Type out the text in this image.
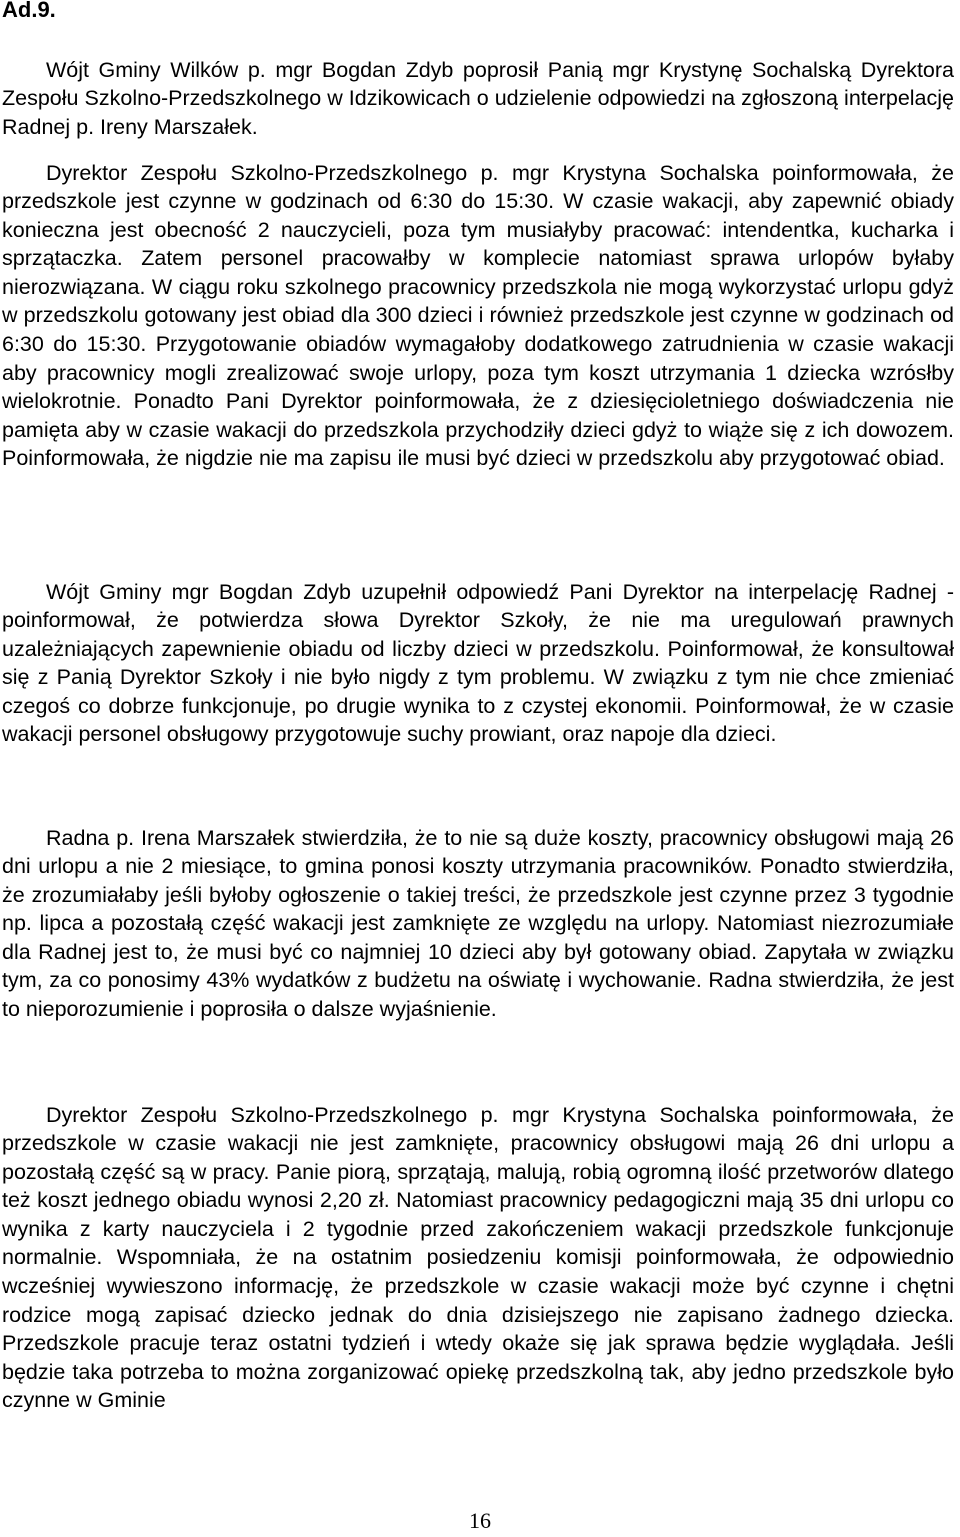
Ad.9.

Wójt Gminy Wilków p. mgr Bogdan Zdyb poprosił Panią mgr Krystynę Sochalską Dyrektora Zespołu Szkolno-Przedszkolnego w Idzikowicach o udzielenie odpowiedzi na zgłoszoną interpelację Radnej p. Ireny Marszałek.

Dyrektor Zespołu Szkolno-Przedszkolnego p. mgr Krystyna Sochalska poinformowała, że przedszkole jest czynne w godzinach od 6:30 do 15:30. W czasie wakacji, aby zapewnić obiady konieczna jest obecność 2 nauczycieli, poza tym musiałyby pracować: intendentka, kucharka i sprzątaczka. Zatem personel pracowałby w komplecie natomiast sprawa urlopów byłaby nierozwiązana. W ciągu roku szkolnego pracownicy przedszkola nie mogą wykorzystać urlopu gdyż w przedszkolu gotowany jest obiad dla 300 dzieci i również przedszkole jest czynne w godzinach od 6:30 do 15:30. Przygotowanie obiadów wymagałoby dodatkowego zatrudnienia w czasie wakacji aby pracownicy mogli zrealizować swoje urlopy, poza tym koszt utrzymania 1 dziecka wzrósłby wielokrotnie. Ponadto Pani Dyrektor poinformowała, że z dziesięcioletniego doświadczenia nie pamięta aby w czasie wakacji do przedszkola przychodziły dzieci gdyż to wiąże się z ich dowozem. Poinformowała, że nigdzie nie ma zapisu ile musi być dzieci w przedszkolu aby przygotować obiad.

Wójt Gminy mgr Bogdan Zdyb uzupełnił odpowiedź Pani Dyrektor na interpelację Radnej - poinformował, że potwierdza słowa Dyrektor Szkoły, że nie ma uregulowań prawnych uzależniających zapewnienie obiadu od liczby dzieci w przedszkolu. Poinformował, że konsultował się z Panią Dyrektor Szkoły i nie było nigdy z tym problemu. W związku z tym nie chce zmieniać czegoś co dobrze funkcjonuje, po drugie wynika to z czystej ekonomii. Poinformował, że w czasie wakacji personel obsługowy przygotowuje suchy prowiant, oraz napoje dla dzieci.

Radna p. Irena Marszałek stwierdziła, że to nie są duże koszty, pracownicy obsługowi mają 26 dni urlopu a nie 2 miesiące, to gmina ponosi koszty utrzymania pracowników. Ponadto stwierdziła, że zrozumiałaby jeśli byłoby ogłoszenie o takiej treści, że przedszkole jest czynne przez 3 tygodnie np. lipca a pozostałą część wakacji jest zamknięte ze względu na urlopy. Natomiast niezrozumiałe dla Radnej jest to, że musi być co najmniej 10 dzieci aby był gotowany obiad. Zapytała w związku tym, za co ponosimy 43% wydatków z budżetu na oświatę i wychowanie. Radna stwierdziła, że jest to nieporozumienie i poprosiła o dalsze wyjaśnienie.

Dyrektor Zespołu Szkolno-Przedszkolnego p. mgr Krystyna Sochalska poinformowała, że przedszkole w czasie wakacji nie jest zamknięte, pracownicy obsługowi mają 26 dni urlopu a pozostałą część są w pracy. Panie piorą, sprzątają, malują, robią ogromną ilość przetworów dlatego też koszt jednego obiadu wynosi 2,20 zł. Natomiast pracownicy pedagogiczni mają 35 dni urlopu co wynika z karty nauczyciela i 2 tygodnie przed zakończeniem wakacji przedszkole funkcjonuje normalnie. Wspomniała, że na ostatnim posiedzeniu komisji poinformowała, że odpowiednio wcześniej wywieszono informację, że przedszkole w czasie wakacji może być czynne i chętni rodzice mogą zapisać dziecko jednak do dnia dzisiejszego nie zapisano żadnego dziecka. Przedszkole pracuje teraz ostatni tydzień i wtedy okaże się jak sprawa będzie wyglądała. Jeśli będzie taka potrzeba to można zorganizować opiekę przedszkolną tak, aby jedno przedszkole było czynne w Gminie

16
